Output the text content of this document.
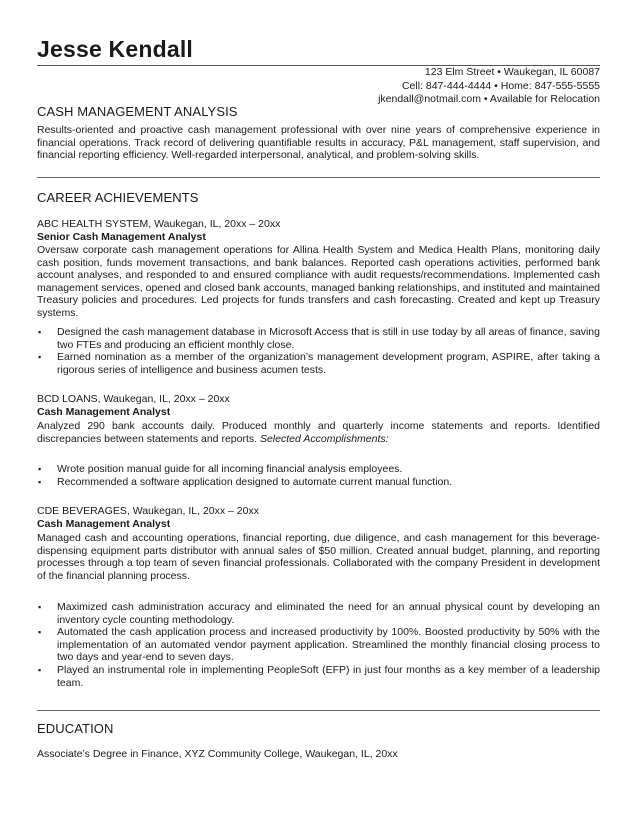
Jesse Kendall
123 Elm Street • Waukegan, IL 60087
Cell: 847-444-4444 • Home: 847-555-5555
jkendall@notmail.com • Available for Relocation
CASH MANAGEMENT ANALYSIS

Results-oriented and proactive cash management professional with over nine years of comprehensive experience in financial operations. Track record of delivering quantifiable results in accuracy, P&L management, staff supervision, and financial reporting efficiency. Well-regarded interpersonal, analytical, and problem-solving skills.

CAREER ACHIEVEMENTS
ABC HEALTH SYSTEM, Waukegan, IL, 20xx – 20xx
Senior Cash Management Analyst

Oversaw corporate cash management operations for Allina Health System and Medica Health Plans, monitoring daily cash position, funds movement transactions, and bank balances. Reported cash operations activities, performed bank account analyses, and responded to and ensured compliance with audit requests/recommendations. Implemented cash management services, opened and closed bank accounts, managed banking relationships, and instituted and maintained Treasury policies and procedures. Led projects for funds transfers and cash forecasting. Created and kept up Treasury systems.

▪ Designed the cash management database in Microsoft Access that is still in use today by all areas of finance, saving two FTEs and producing an efficient monthly close.
▪ Earned nomination as a member of the organization’s management development program, ASPIRE, after taking a rigorous series of intelligence and business acumen tests.
BCD LOANS, Waukegan, IL, 20xx – 20xx
Cash Management Analyst

Analyzed 290 bank accounts daily. Produced monthly and quarterly income statements and reports. Identified discrepancies between statements and reports. Selected Accomplishments:

▪ Wrote position manual guide for all incoming financial analysis employees.
▪ Recommended a software application designed to automate current manual function.
CDE BEVERAGES, Waukegan, IL, 20xx – 20xx
Cash Management Analyst

Managed cash and accounting operations, financial reporting, due diligence, and cash management for this beverage-dispensing equipment parts distributor with annual sales of $50 million. Created annual budget, planning, and reporting processes through a top team of seven financial professionals. Collaborated with the company President in development of the financial planning process.

▪ Maximized cash administration accuracy and eliminated the need for an annual physical count by developing an inventory cycle counting methodology.
▪ Automated the cash application process and increased productivity by 100%. Boosted productivity by 50% with the implementation of an automated vendor payment application. Streamlined the monthly financial closing process to two days and year-end to seven days.
▪ Played an instrumental role in implementing PeopleSoft (EFP) in just four months as a key member of a leadership team.
EDUCATION

Associate’s Degree in Finance, XYZ Community College, Waukegan, IL, 20xx
